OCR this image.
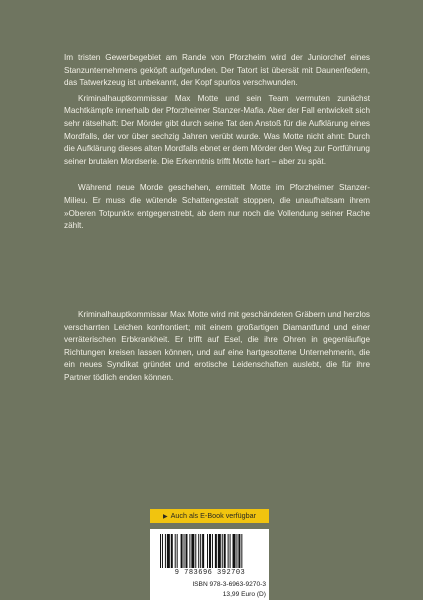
Im tristen Gewerbegebiet am Rande von Pforzheim wird der Juniorchef eines Stanzunternehmens geköpft aufgefunden. Der Tatort ist übersät mit Daunenfedern, das Tatwerkzeug ist unbekannt, der Kopf spurlos verschwunden.

Kriminalhauptkommissar Max Motte und sein Team vermuten zunächst Machtkämpfe innerhalb der Pforzheimer Stanzer-Mafia. Aber der Fall entwickelt sich sehr rätselhaft: Der Mörder gibt durch seine Tat den Anstoß für die Aufklärung eines Mordfalls, der vor über sechzig Jahren verübt wurde. Was Motte nicht ahnt: Durch die Aufklärung dieses alten Mordfalls ebnet er dem Mörder den Weg zur Fortführung seiner brutalen Mordserie. Die Erkenntnis trifft Motte hart – aber zu spät.

Während neue Morde geschehen, ermittelt Motte im Pforzheimer Stanzer-Milieu. Er muss die wütende Schattengestalt stoppen, die unaufhaltsam ihrem »Oberen Totpunkt« entgegenstrebt, ab dem nur noch die Vollendung seiner Rache zählt.

Kriminalhauptkommissar Max Motte wird mit geschändeten Gräbern und herzlos verscharrten Leichen konfrontiert; mit einem großartigen Diamantfund und einer verräterischen Erbkrankheit. Er trifft auf Esel, die ihre Ohren in gegenläufige Richtungen kreisen lassen können, und auf eine hartgesottene Unternehmerin, die ein neues Syndikat gründet und erotische Leidenschaften auslebt, die für ihre Partner tödlich enden können.

▶ Auch als E-Book verfügbar
9 783696 392703
ISBN 978-3-6963-9270-3
13,99 Euro (D)
